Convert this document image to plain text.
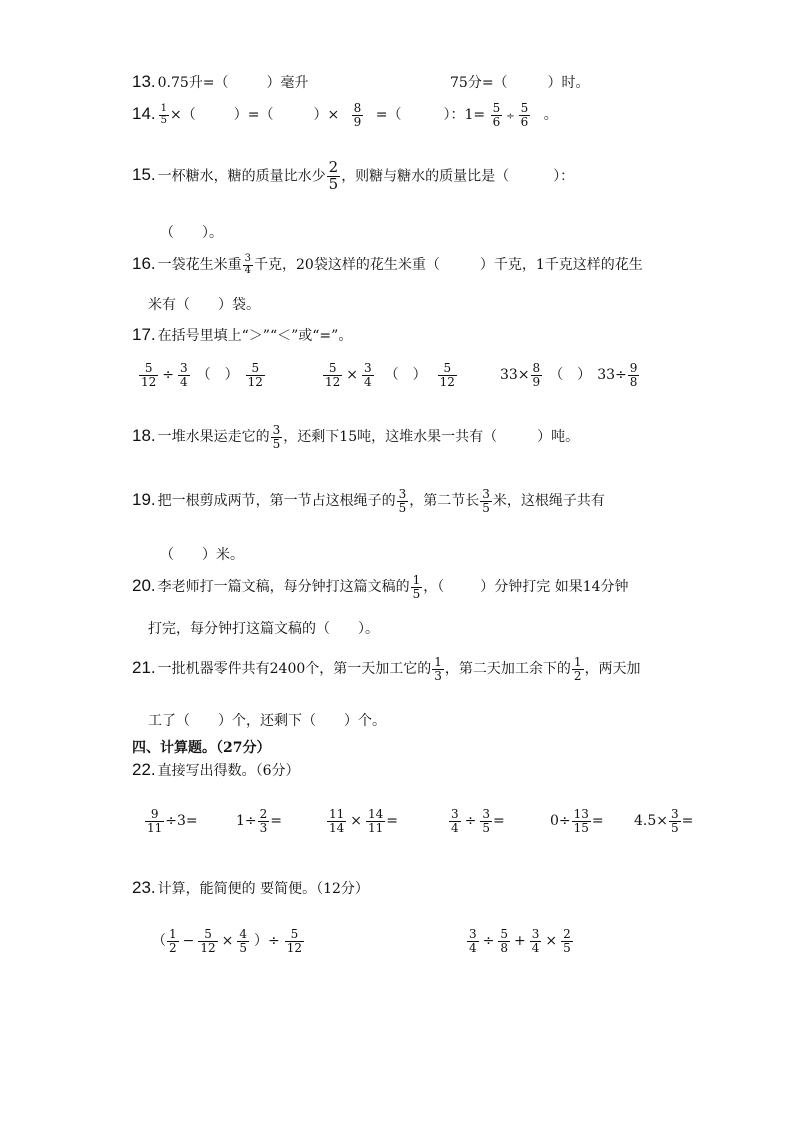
13. 0.75升=（	）毫升	75分=（	）时。
14. $\frac{1}{5}$ ×（	）=（	）× $\frac{8}{9}$ =（	）：$1= \frac{5}{6} \div \frac{5}{6}$ 。
15. 一杯糖水，糖的质量比水少 $\frac{2}{5}$ ，则糖与糖水的质量比是（	）：
（　　）。
16. 一袋花生米重 $\frac{3}{4}$ 千克，20袋这样的花生米重（	）千克，1千克这样的花生
米有（　　）袋。
17. 在括号里填上“＞”“＜”或“=”。
$\frac{5}{12} \div \frac{3}{4}$ （　） $\frac{5}{12}$	$\frac{5}{12} \times \frac{3}{4}$ （　） $\frac{5}{12}$	$33\times \frac{8}{9}$ （　） $33\div \frac{9}{8}$
18. 一堆水果运走它的 $\frac{3}{5}$ ，还剩下15吨，这堆水果一共有（	）吨。
19. 把一根剪成两节，第一节占这根绳子的 $\frac{3}{5}$ ，第二节长 $\frac{3}{5}$ 米，这根绳子共有
（　　）米。
20. 李老师打一篇文稿，每分钟打这篇文稿的 $\frac{1}{5}$ ，（	）分钟打完 如果14分钟
打完，每分钟打这篇文稿的（　　）。
21. 一批机器零件共有2400个，第一天加工它的 $\frac{1}{3}$ ，第二天加工余下的 $\frac{1}{2}$ ，两天加
工了（　　）个，还剩下（　　）个。
四、计算题。（27分）
22. 直接写出得数。（6分）
$\frac{9}{11} \div 3=$	$1\div \frac{2}{3}$ =	$\frac{11}{14} \times \frac{14}{11}$ =	$\frac{3}{4} \div \frac{3}{5}$ =	$0\div \frac{13}{15} = 4.5\times \frac{3}{5}$ =
23. 计算，能简便的 要简便。（12分）
（ $\frac{1}{2} - \frac{5}{12} \times \frac{4}{5}$ ）÷ $\frac{5}{12}$	$\frac{3}{4} \div \frac{5}{8} + \frac{3}{4} \times \frac{2}{5}$
